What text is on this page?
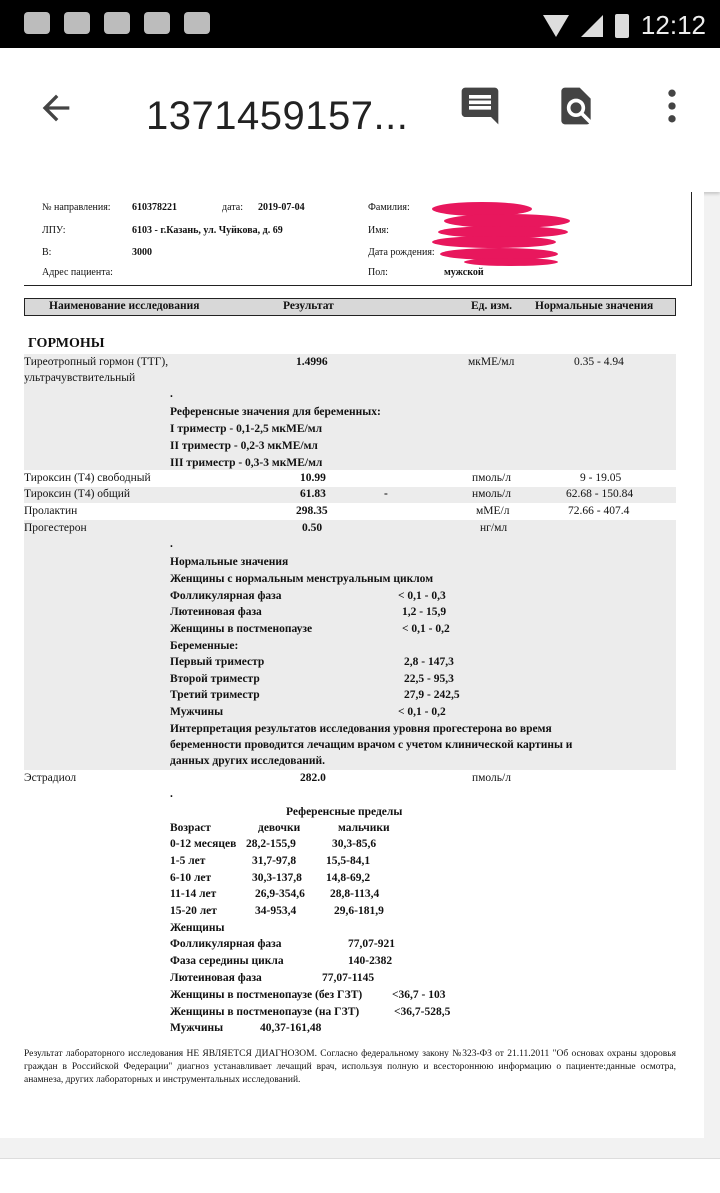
12:12
1371459157...
№ направления: 610378221	дата: 2019-07-04
ЛПУ:	6103 - г.Казань, ул. Чуйкова, д. 69
В:	3000
Адрес пациента:
Фамилия:
Имя:
Дата рождения:
Пол:	мужской
Наименование исследования	Результат	Ед. изм. Нормальные значения
ГОРМОНЫ
Тиреотропный гормон (ТТГ),
ультрачувствительный
1.4996	мкМЕ/мл	0.35 - 4.94
.
Референсные значения для беременных:
I триместр - 0,1-2,5 мкМЕ/мл
II триместр - 0,2-3 мкМЕ/мл
III триместр - 0,3-3 мкМЕ/мл
Тироксин (Т4) свободный	10.99	пмоль/л	9 - 19.05
Тироксин (Т4) общий	61.83	-	нмоль/л	62.68 - 150.84
Пролактин	298.35	мМЕ/л	72.66 - 407.4
Прогестерон	0.50	нг/мл
.
Нормальные значения
Женщины с нормальным менструальным циклом
Фолликулярная фаза	< 0,1 - 0,3
Лютеиновая фаза	1,2 - 15,9
Женщины в постменопаузе	< 0,1 - 0,2
Беременные:
Первый триместр	2,8 - 147,3
Второй триместр	22,5 - 95,3
Третий триместр	27,9 - 242,5
Мужчины	< 0,1 - 0,2
Интерпретация результатов исследования уровня прогестерона во время
беременности проводится лечащим врачом с учетом клинической картины и
данных других исследований.
Эстрадиол	282.0	пмоль/л
.
Референсные пределы
Возраст	девочки	мальчики
0-12 месяцев 28,2-155,9	30,3-85,6
1-5 лет	31,7-97,8	15,5-84,1
6-10 лет	30,3-137,8 14,8-69,2
11-14 лет	26,9-354,6 28,8-113,4
15-20 лет	34-953,4	29,6-181,9
Женщины
Фолликулярная фаза	77,07-921
Фаза середины цикла	140-2382
Лютеиновая фаза	77,07-1145
Женщины в постменопаузе (без ГЗТ)	<36,7 - 103
Женщины в постменопаузе (на ГЗТ)	<36,7-528,5
Мужчины	40,37-161,48
Результат лабораторного исследования НЕ ЯВЛЯЕТСЯ ДИАГНОЗОМ. Согласно федеральному закону №323-ФЗ от 21.11.2011 "Об основах охраны здоровья граждан в Российской Федерации" диагноз устанавливает лечащий врач, используя полную и всестороннюю информацию о пациенте:данные осмотра, анамнеза, других лабораторных и инструментальных исследований.
